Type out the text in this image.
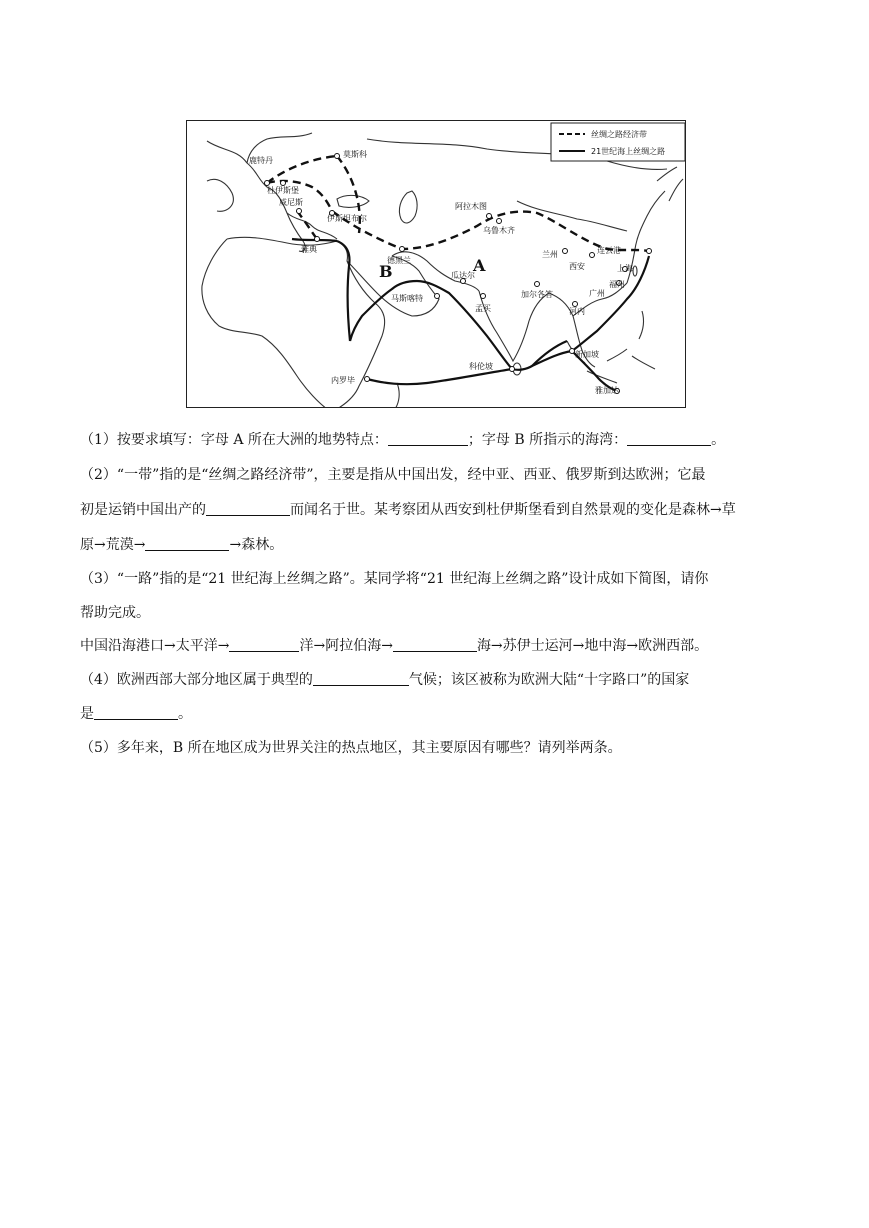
丝绸之路经济带
21世纪海上丝绸之路
鹿特丹
莫斯科
杜伊斯堡
威尼斯
伊斯坦布尔
雅典
德黑兰
阿拉木图
乌鲁木齐
兰州
西安
连云港
上海
福州
广州
河内
加尔各答
瓜达尔
孟买
马斯喀特
科伦坡
新加坡
雅加达
内罗毕
A
B
（1）按要求填写：字母 A 所在大洲的地势特点：	；字母 B 所指示的海湾：	。
（2）“一带”指的是“丝绸之路经济带”，主要是指从中国出发，经中亚、西亚、俄罗斯到达欧洲；它最
初是运销中国出产的	而闻名于世。某考察团从西安到杜伊斯堡看到自然景观的变化是森林→草
原→荒漠→	→森林。
（3）“一路”指的是“21 世纪海上丝绸之路”。某同学将“21 世纪海上丝绸之路”设计成如下简图，请你
帮助完成。
中国沿海港口→太平洋→	洋→阿拉伯海→	海→苏伊士运河→地中海→欧洲西部。
（4）欧洲西部大部分地区属于典型的	气候；该区被称为欧洲大陆“十字路口”的国家
是	。
（5）多年来，B 所在地区成为世界关注的热点地区，其主要原因有哪些？请列举两条。
